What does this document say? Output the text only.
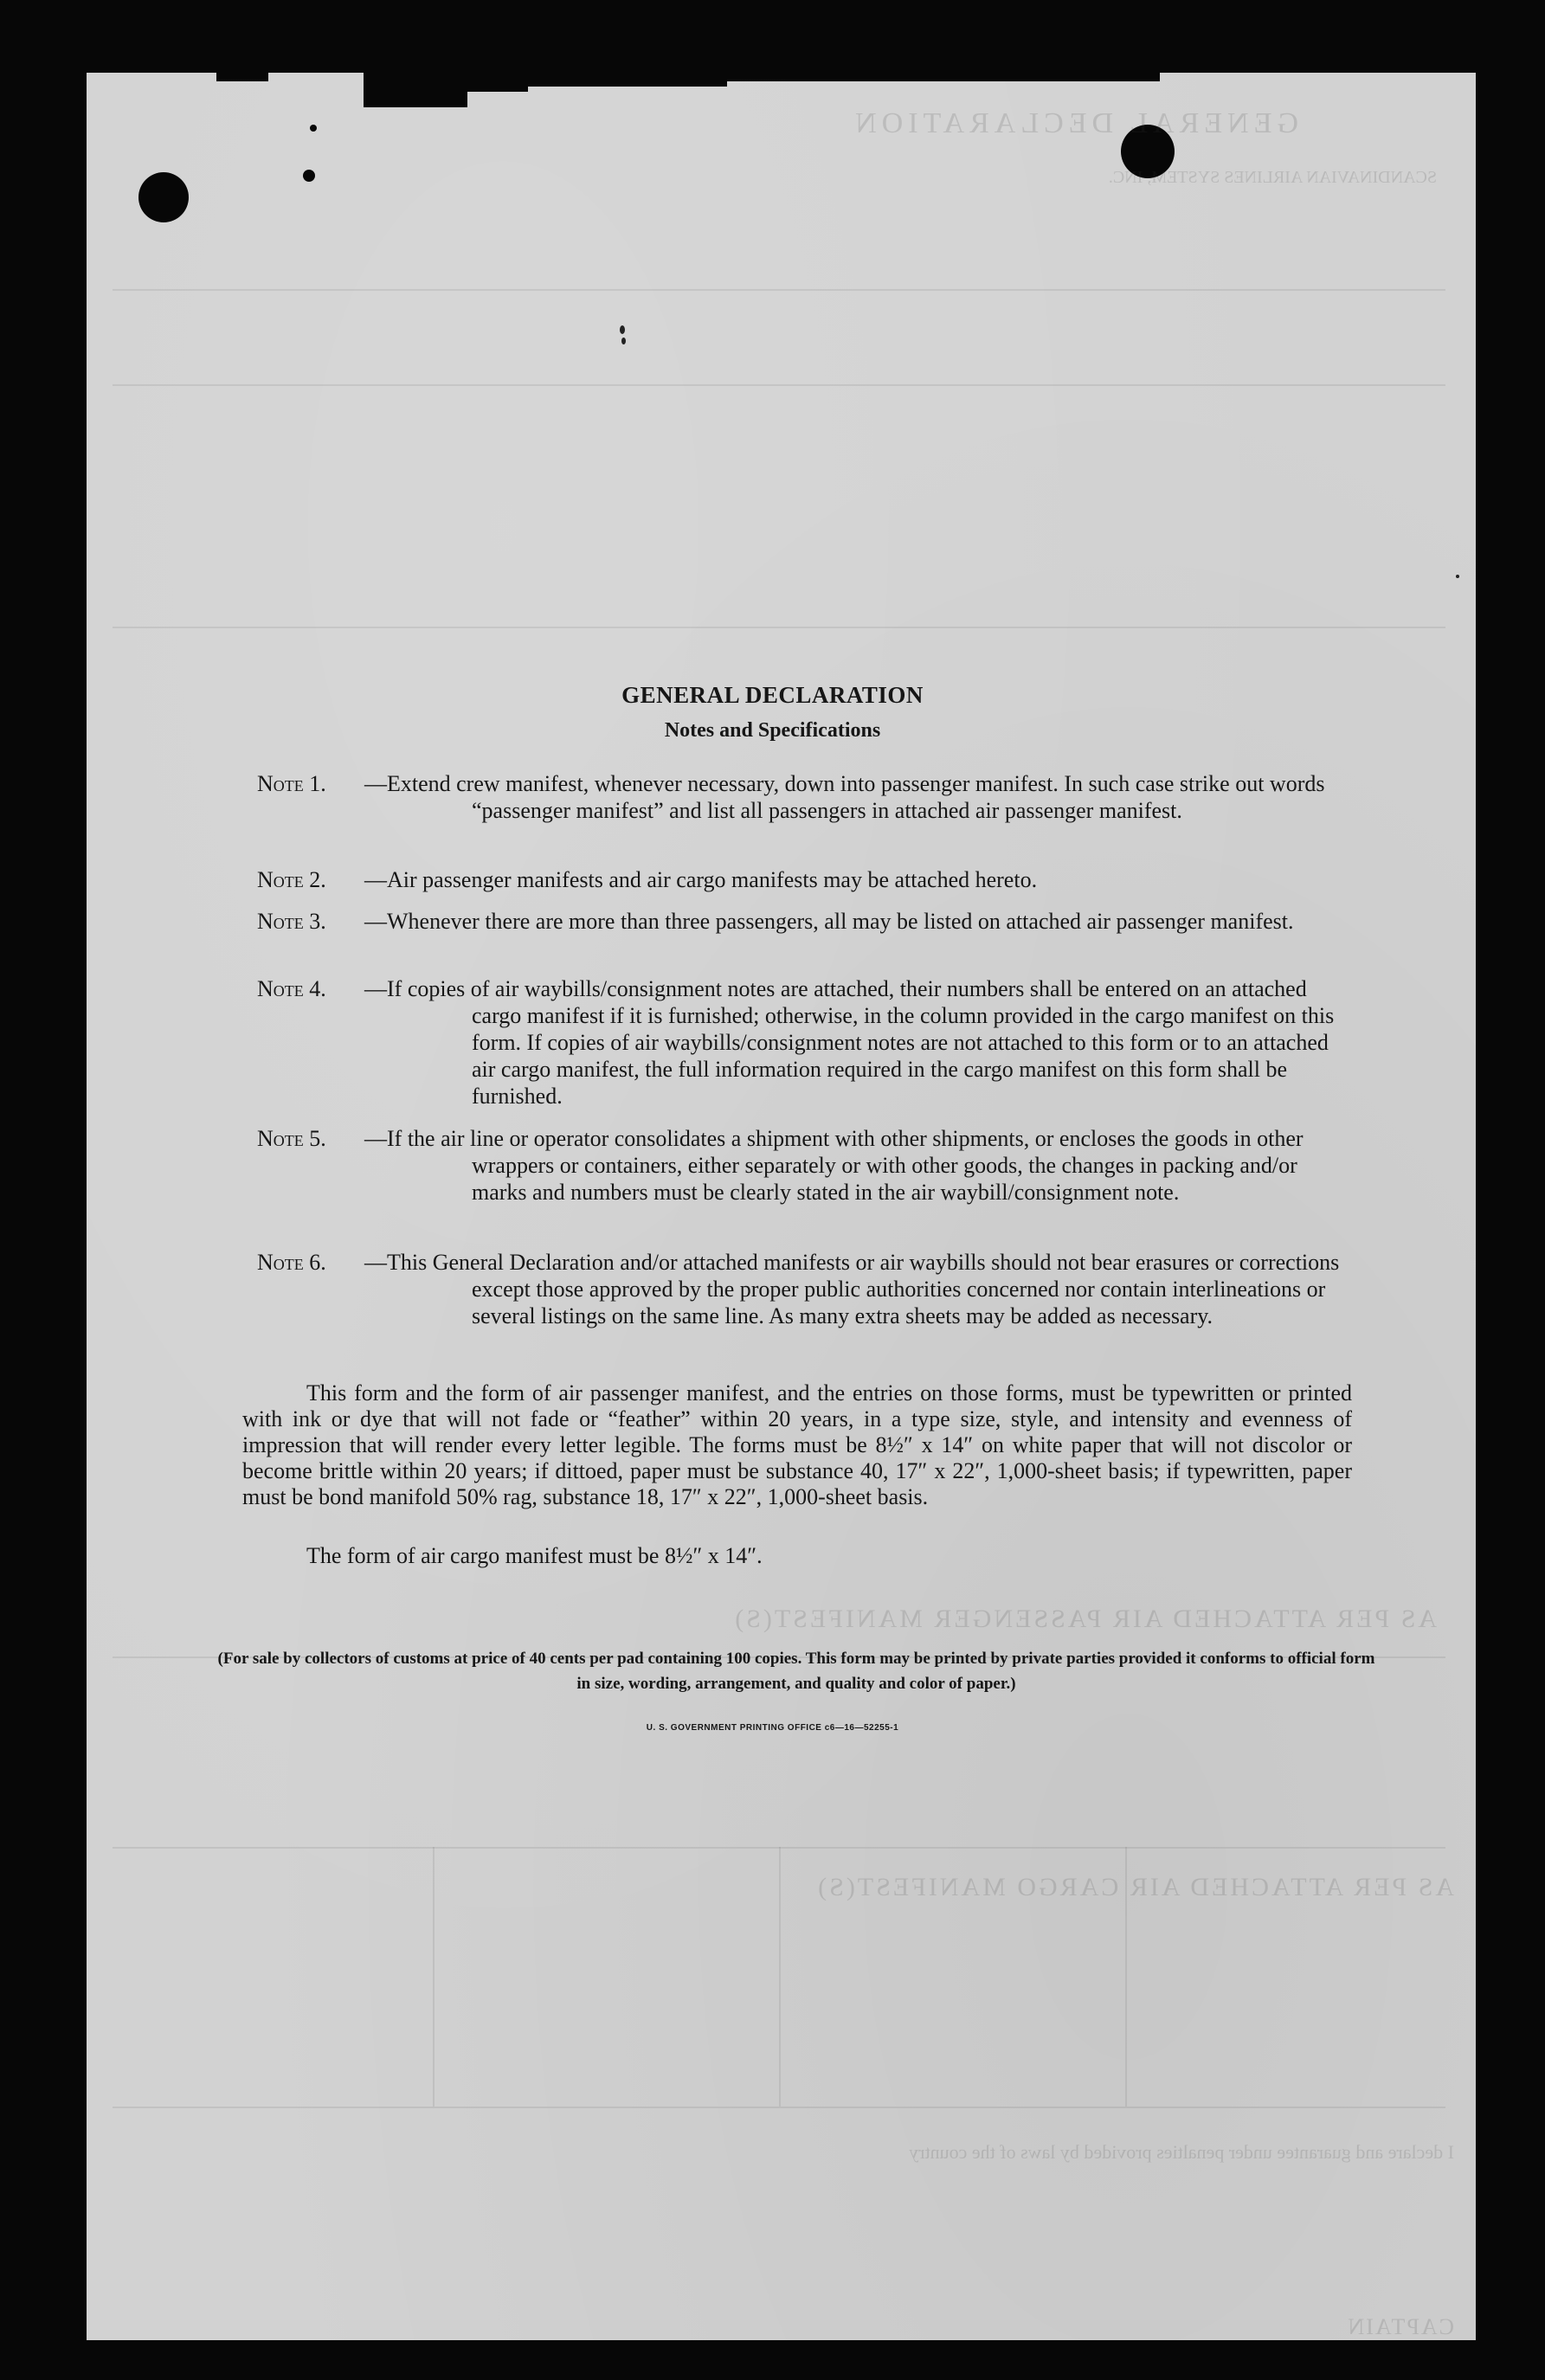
GENERAL DECLARATION
SCANDINAVIAN AIRLINES SYSTEM, INC.
AS PER ATTACHED AIR PASSENGER MANIFEST(S)
AS PER ATTACHED AIR CARGO MANIFEST(S)
I declare and guarantee under penalties provided by laws of the country
CAPTAIN
GENERAL DECLARATION
Notes and Specifications
Note 1. —Extend crew manifest, whenever necessary, down into passenger manifest. In such case strike out words “passenger manifest” and list all passengers in attached air passenger manifest.
Note 2. —Air passenger manifests and air cargo manifests may be attached hereto.
Note 3. —Whenever there are more than three passengers, all may be listed on attached air passenger manifest.
Note 4. —If copies of air waybills/consignment notes are attached, their numbers shall be entered on an attached cargo manifest if it is furnished; otherwise, in the column provided in the cargo manifest on this form. If copies of air waybills/consignment notes are not attached to this form or to an attached air cargo manifest, the full information required in the cargo manifest on this form shall be furnished.
Note 5. —If the air line or operator consolidates a shipment with other shipments, or encloses the goods in other wrappers or containers, either separately or with other goods, the changes in packing and/or marks and numbers must be clearly stated in the air waybill/consignment note.
Note 6. —This General Declaration and/or attached manifests or air waybills should not bear erasures or corrections except those approved by the proper public authorities concerned nor contain interlineations or several listings on the same line. As many extra sheets may be added as necessary.
This form and the form of air passenger manifest, and the entries on those forms, must be typewritten or printed with ink or dye that will not fade or “feather” within 20 years, in a type size, style, and intensity and evenness of impression that will render every letter legible. The forms must be 8½″ x 14″ on white paper that will not discolor or become brittle within 20 years; if dittoed, paper must be substance 40, 17″ x 22″, 1,000-sheet basis; if typewritten, paper must be bond manifold 50% rag, substance 18, 17″ x 22″, 1,000-sheet basis.
The form of air cargo manifest must be 8½″ x 14″.
(For sale by collectors of customs at price of 40 cents per pad containing 100 copies. This form may be printed by private parties provided it conforms to official form in size, wording, arrangement, and quality and color of paper.)
U. S. GOVERNMENT PRINTING OFFICE c6—16—52255-1
